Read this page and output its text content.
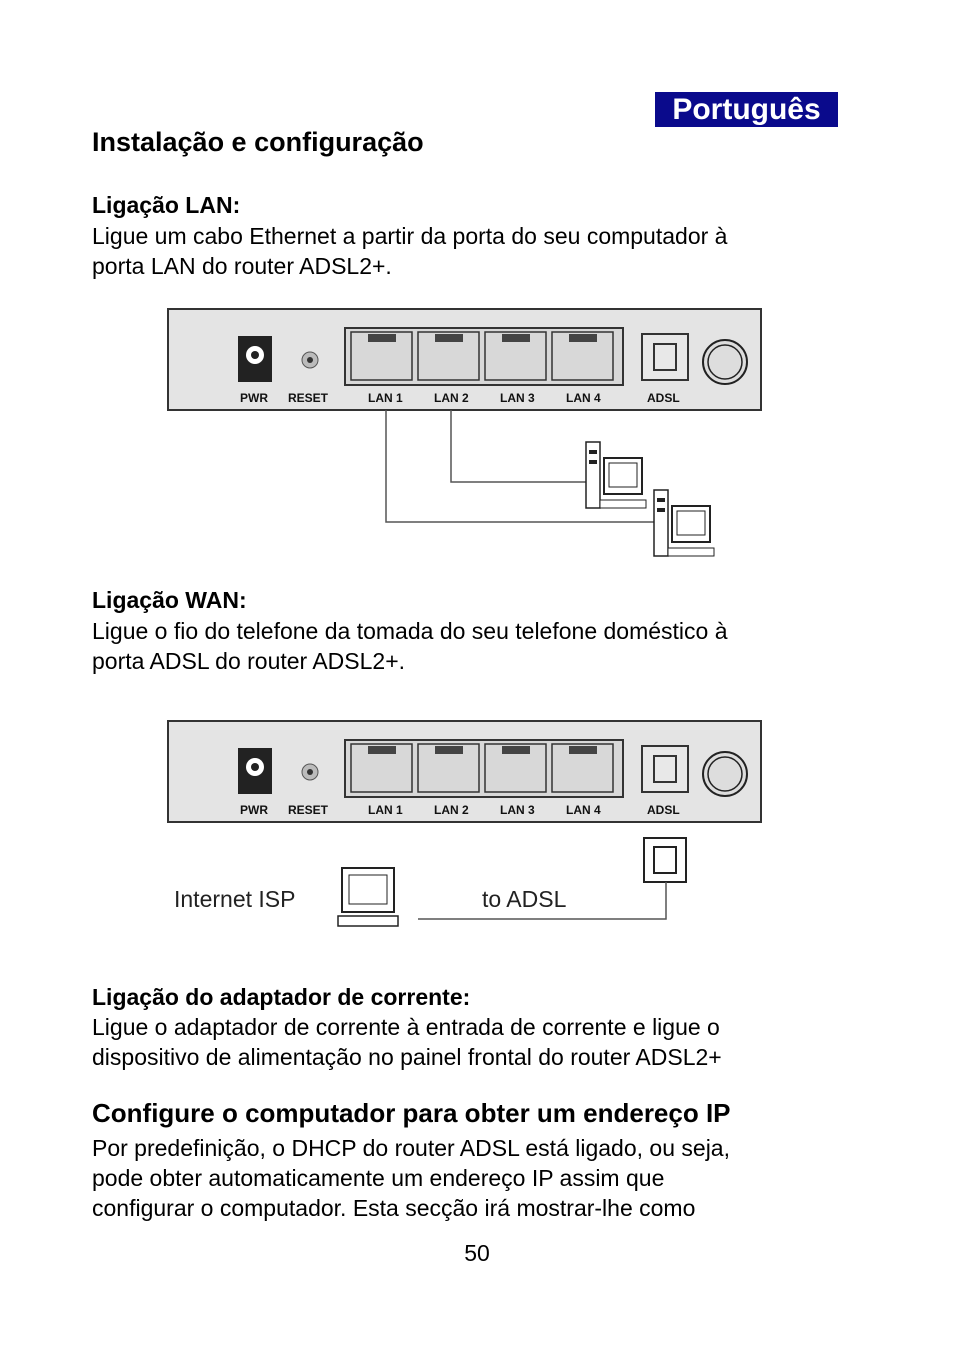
Português
Instalação e configuração
Ligação LAN:
Ligue um cabo Ethernet a partir da porta do seu computador à
porta LAN do router ADSL2+.
PWR RESET	LAN 1	LAN 2	LAN 3	LAN 4	ADSL
Ligação WAN:
Ligue o fio do telefone da tomada do seu telefone doméstico à
porta ADSL do router ADSL2+.
PWR RESET	LAN 1	LAN 2	LAN 3	LAN 4	ADSL
Internet ISP	to ADSL
Ligação do adaptador de corrente:
Ligue o adaptador de corrente à entrada de corrente e ligue o
dispositivo de alimentação no painel frontal do router ADSL2+
Configure o computador para obter um endereço IP
Por predefinição, o DHCP do router ADSL está ligado, ou seja,
pode obter automaticamente um endereço IP assim que
configurar o computador. Esta secção irá mostrar-lhe como
50
